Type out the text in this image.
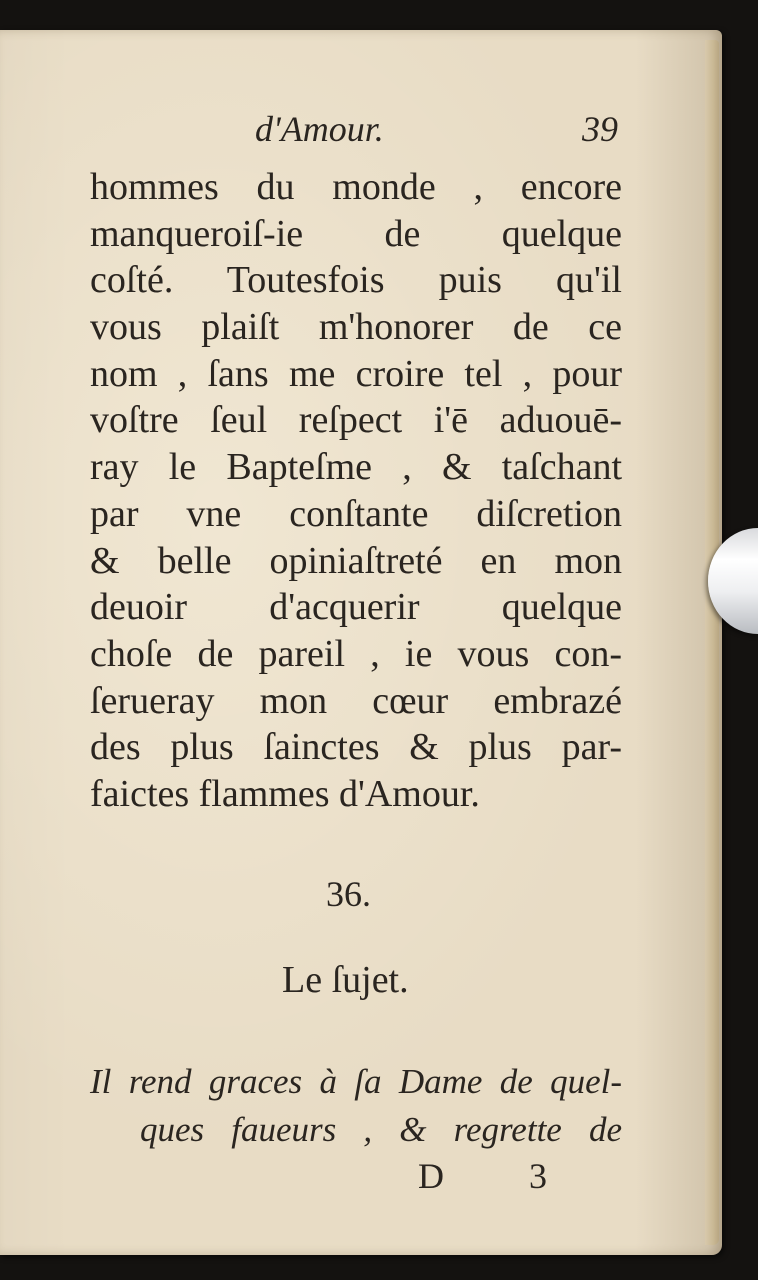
d'Amour.	39
hommes du monde , encore
manqueroiſ-ie de quelque
coſté. Toutesfois puis qu'il
vous plaiſt m'honorer de ce
nom , ſans me croire tel , pour
voſtre ſeul reſpect i'ē aduouē-
ray le Bapteſme , & taſchant
par vne conſtante diſcretion
& belle opiniaſtreté en mon
deuoir d'acquerir quelque
choſe de pareil , ie vous con-
ſerueray mon cœur embrazé
des plus ſainctes & plus par-
faictes flammes d'Amour.
36.
Le ſujet.
Il rend graces à ſa Dame de quel-
ques faueurs , & regrette de
D 3
